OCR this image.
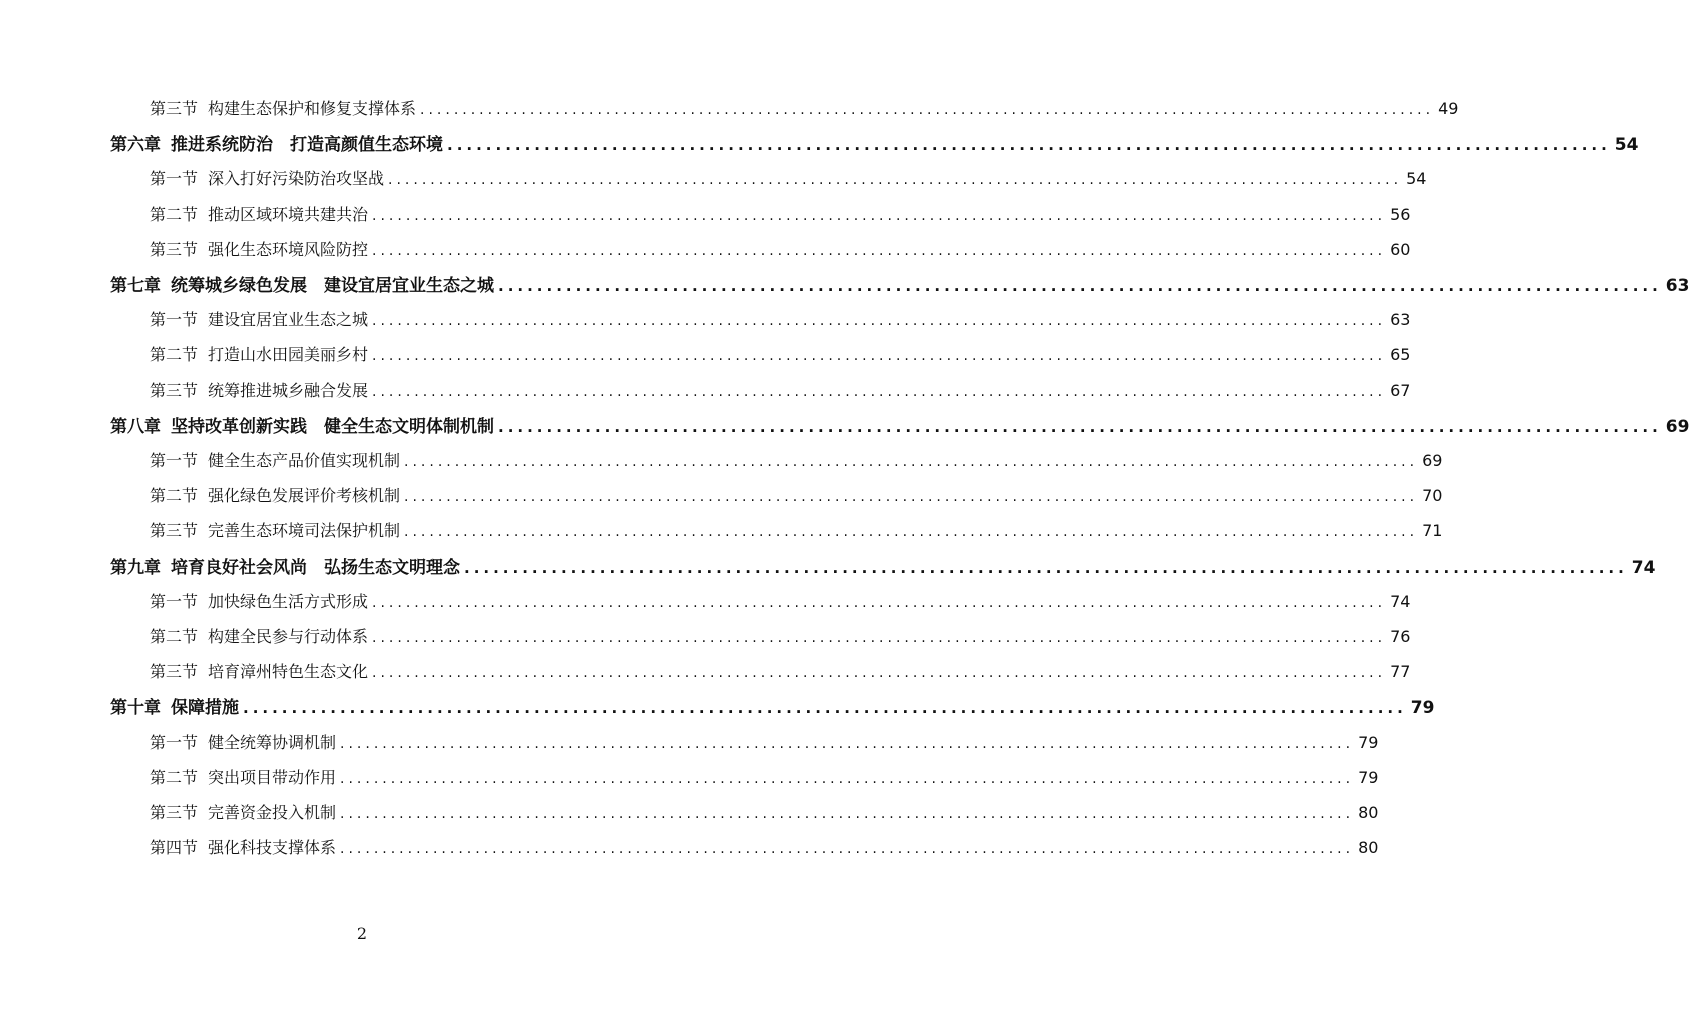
第三节 构建生态保护和修复支撑体系 ........................................................................................................................ 49
第六章 推进系统防治　打造高颜值生态环境 ........................................................................................................................ 54
第一节 深入打好污染防治攻坚战 ........................................................................................................................ 54
第二节 推动区域环境共建共治 ........................................................................................................................ 56
第三节 强化生态环境风险防控 ........................................................................................................................ 60
第七章 统筹城乡绿色发展　建设宜居宜业生态之城 ........................................................................................................................ 63
第一节 建设宜居宜业生态之城 ........................................................................................................................ 63
第二节 打造山水田园美丽乡村 ........................................................................................................................ 65
第三节 统筹推进城乡融合发展 ........................................................................................................................ 67
第八章 坚持改革创新实践　健全生态文明体制机制 ........................................................................................................................ 69
第一节 健全生态产品价值实现机制 ........................................................................................................................ 69
第二节 强化绿色发展评价考核机制 ........................................................................................................................ 70
第三节 完善生态环境司法保护机制 ........................................................................................................................ 71
第九章 培育良好社会风尚　弘扬生态文明理念 ........................................................................................................................ 74
第一节 加快绿色生活方式形成 ........................................................................................................................ 74
第二节 构建全民参与行动体系 ........................................................................................................................ 76
第三节 培育漳州特色生态文化 ........................................................................................................................ 77
第十章 保障措施 ........................................................................................................................ 79
第一节 健全统筹协调机制 ........................................................................................................................ 79
第二节 突出项目带动作用 ........................................................................................................................ 79
第三节 完善资金投入机制 ........................................................................................................................ 80
第四节 强化科技支撑体系 ........................................................................................................................ 80
2
